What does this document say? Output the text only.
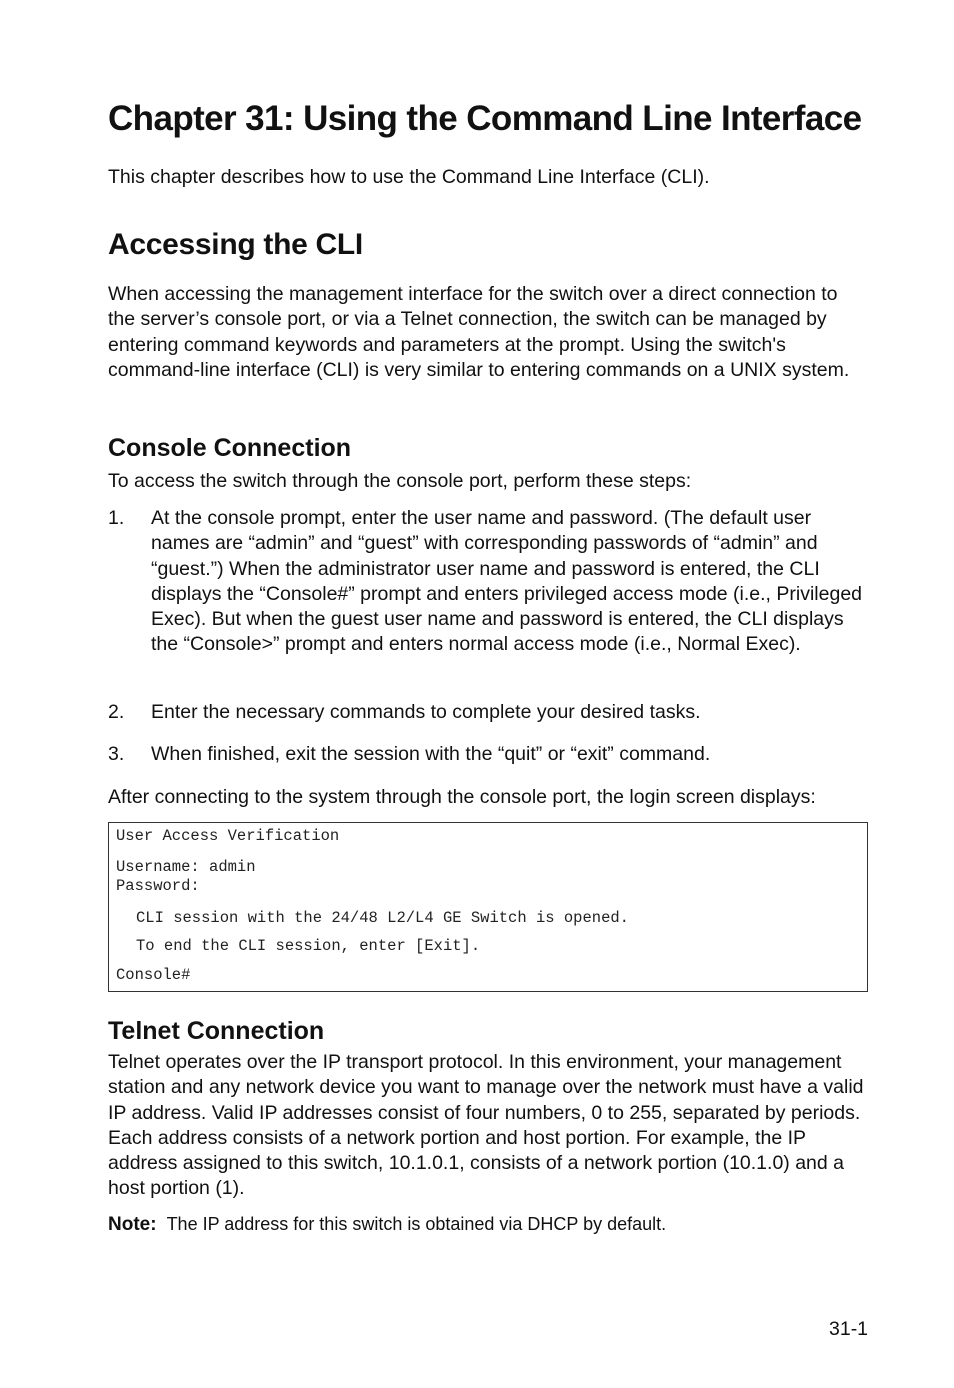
Chapter 31: Using the Command Line Interface

This chapter describes how to use the Command Line Interface (CLI).

Accessing the CLI

When accessing the management interface for the switch over a direct connection to the server’s console port, or via a Telnet connection, the switch can be managed by entering command keywords and parameters at the prompt. Using the switch's command-line interface (CLI) is very similar to entering commands on a UNIX system.

Console Connection

To access the switch through the console port, perform these steps:

1. At the console prompt, enter the user name and password. (The default user names are “admin” and “guest” with corresponding passwords of “admin” and “guest.”) When the administrator user name and password is entered, the CLI displays the “Console#” prompt and enters privileged access mode (i.e., Privileged Exec). But when the guest user name and password is entered, the CLI displays the “Console>” prompt and enters normal access mode (i.e., Normal Exec).

2. Enter the necessary commands to complete your desired tasks.

3. When finished, exit the session with the “quit” or “exit” command.

After connecting to the system through the console port, the login screen displays:

User Access Verification
Username: admin
Password:
CLI session with the 24/48 L2/L4 GE Switch is opened.
To end the CLI session, enter [Exit].
Console#
Telnet Connection

Telnet operates over the IP transport protocol. In this environment, your management station and any network device you want to manage over the network must have a valid IP address. Valid IP addresses consist of four numbers, 0 to 255, separated by periods. Each address consists of a network portion and host portion. For example, the IP address assigned to this switch, 10.1.0.1, consists of a network portion (10.1.0) and a host portion (1).

Note: The IP address for this switch is obtained via DHCP by default.
31-1
